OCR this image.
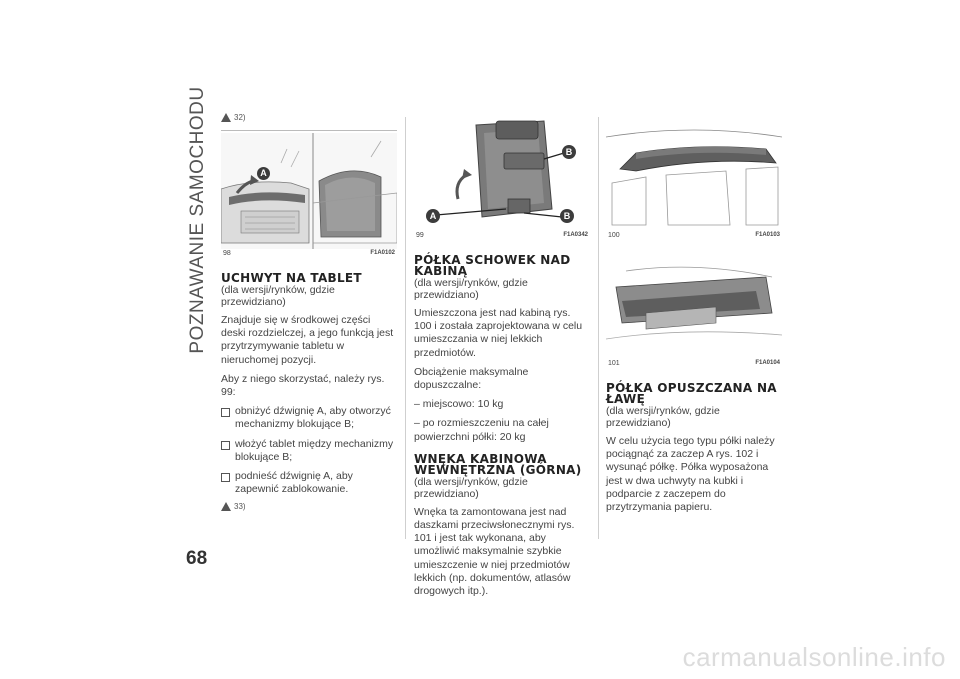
POZNAWANIE SAMOCHODU
68
32)
A
98	F1A0102
UCHWYT NA TABLET
(dla wersji/rynków, gdzie przewidziano)

Znajduje się w środkowej części deski rozdzielczej, a jego funkcją jest przytrzymywanie tabletu w nieruchomej pozycji.

Aby z niego skorzystać, należy rys. 99:

obniżyć dźwignię A, aby otworzyć mechanizmy blokujące B;
włożyć tablet między mechanizmy blokujące B;
podnieść dźwignię A, aby zapewnić zablokowanie.
33)
B
A	B
99	F1A0342
PÓŁKA SCHOWEK NAD KABINĄ
(dla wersji/rynków, gdzie przewidziano)

Umieszczona jest nad kabiną rys. 100 i została zaprojektowana w celu umieszczania w niej lekkich przedmiotów.

Obciążenie maksymalne dopuszczalne:

– miejscowo: 10 kg

– po rozmieszczeniu na całej powierzchni półki: 20 kg

WNĘKA KABINOWA WEWNĘTRZNA (GÓRNA)
(dla wersji/rynków, gdzie przewidziano)

Wnęka ta zamontowana jest nad daszkami przeciwsłonecznymi rys. 101 i jest tak wykonana, aby umożliwić maksymalnie szybkie umieszczenie w niej przedmiotów lekkich (np. dokumentów, atlasów drogowych itp.).

100	F1A0103
101	F1A0104
PÓŁKA OPUSZCZANA NA ŁAWĘ
(dla wersji/rynków, gdzie przewidziano)

W celu użycia tego typu półki należy pociągnąć za zaczep A rys. 102 i wysunąć półkę. Półka wyposażona jest w dwa uchwyty na kubki i podparcie z zaczepem do przytrzymania papieru.

carmanualsonline.info
